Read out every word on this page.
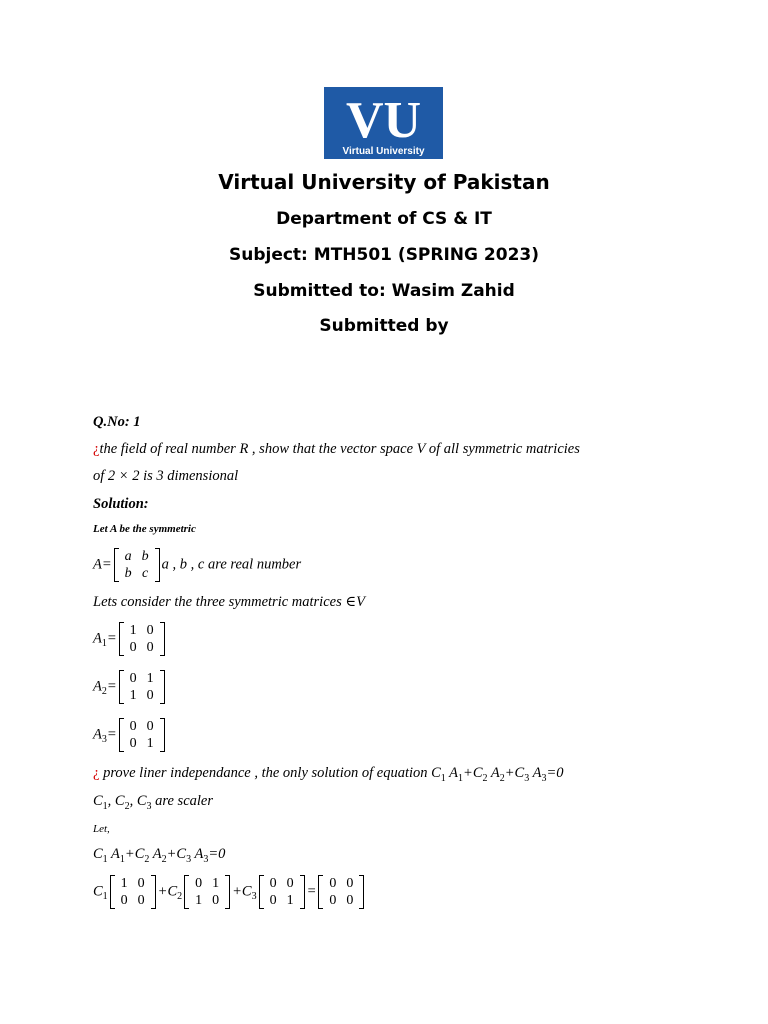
VU
Virtual University
Virtual University of Pakistan
Department of CS & IT
Subject: MTH501 (SPRING 2023)
Submitted to: Wasim Zahid
Submitted by
Q.No: 1
¿the field of real number R , show that the vector space V of all symmetric matricies
of 2 × 2 is 3 dimensional
Solution:
Let A be the symmetric
A= a	b
b	c
a , b , c are real number
Lets consider the three symmetric matrices ∈V
$A_1= 1$	0
0	0
$A_2= 0$	1
1	0
$A_3= 0$	0
0	1
¿ prove liner independance , the only solution of equation $C_1$ $A_1+C_2$ $A_2+C_3$ $A_3=0$
$C_1$, $C_2$, $C_3$ are scaler
Let,
$C_1$ $A_1+C_2$ $A_2+C_3$ $A_3=0$
$C_1$
1	0
0	0
$+C_2$
0	1
1	0
$+C_3$
0	0
0	1
= 0	0
0	0
